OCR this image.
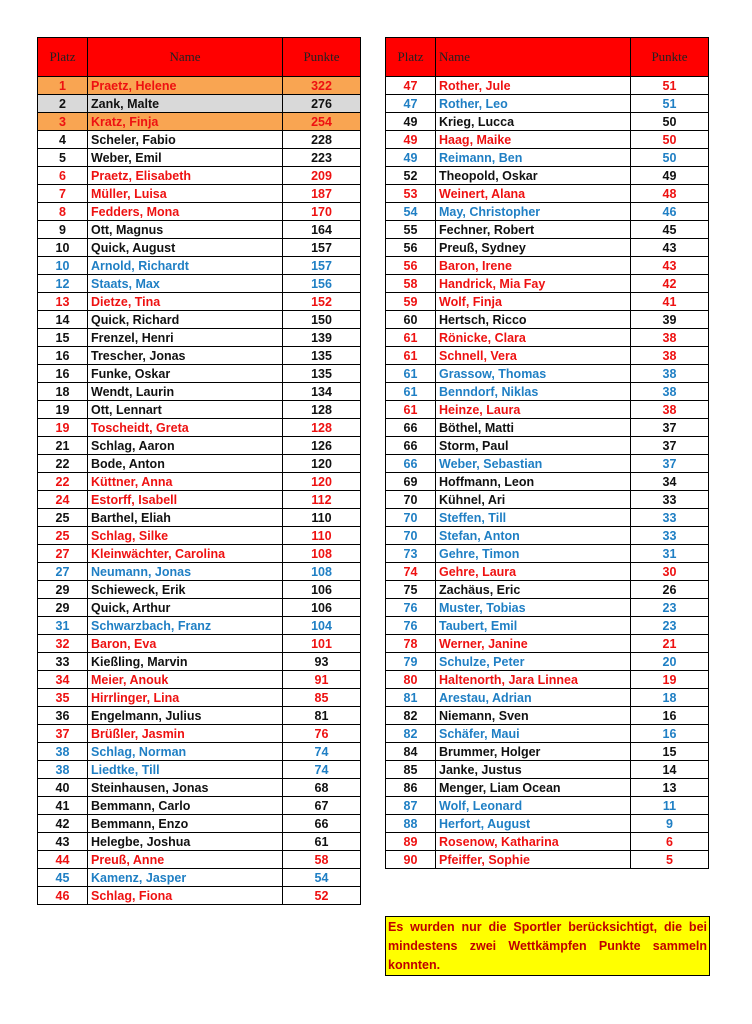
Platz	Name	Punkte
1	Praetz, Helene	322
2	Zank, Malte	276
3	Kratz, Finja	254
4	Scheler, Fabio	228
5	Weber, Emil	223
6	Praetz, Elisabeth	209
7	Müller, Luisa	187
8	Fedders, Mona	170
9	Ott, Magnus	164
10	Quick, August	157
10	Arnold, Richardt	157
12	Staats, Max	156
13	Dietze, Tina	152
14	Quick, Richard	150
15	Frenzel, Henri	139
16	Trescher, Jonas	135
16	Funke, Oskar	135
18	Wendt, Laurin	134
19	Ott, Lennart	128
19	Toscheidt, Greta	128
21	Schlag, Aaron	126
22	Bode, Anton	120
22	Küttner, Anna	120
24	Estorff, Isabell	112
25	Barthel, Eliah	110
25	Schlag, Silke	110
27	Kleinwächter, Carolina	108
27	Neumann, Jonas	108
29	Schieweck, Erik	106
29	Quick, Arthur	106
31	Schwarzbach, Franz	104
32	Baron, Eva	101
33	Kießling, Marvin	93
34	Meier, Anouk	91
35	Hirrlinger, Lina	85
36	Engelmann, Julius	81
37	Brüßler, Jasmin	76
38	Schlag, Norman	74
38	Liedtke, Till	74
40	Steinhausen, Jonas	68
41	Bemmann, Carlo	67
42	Bemmann, Enzo	66
43	Helegbe, Joshua	61
44	Preuß, Anne	58
45	Kamenz, Jasper	54
46	Schlag, Fiona	52
Platz	Name	Punkte
47	Rother, Jule	51
47	Rother, Leo	51
49	Krieg, Lucca	50
49	Haag, Maike	50
49	Reimann, Ben	50
52	Theopold, Oskar	49
53	Weinert, Alana	48
54	May, Christopher	46
55	Fechner, Robert	45
56	Preuß, Sydney	43
56	Baron, Irene	43
58	Handrick, Mia Fay	42
59	Wolf, Finja	41
60	Hertsch, Ricco	39
61	Rönicke, Clara	38
61	Schnell, Vera	38
61	Grassow, Thomas	38
61	Benndorf, Niklas	38
61	Heinze, Laura	38
66	Böthel, Matti	37
66	Storm, Paul	37
66	Weber, Sebastian	37
69	Hoffmann, Leon	34
70	Kühnel, Ari	33
70	Steffen, Till	33
70	Stefan, Anton	33
73	Gehre, Timon	31
74	Gehre, Laura	30
75	Zachäus, Eric	26
76	Muster, Tobias	23
76	Taubert, Emil	23
78	Werner, Janine	21
79	Schulze, Peter	20
80	Haltenorth, Jara Linnea	19
81	Arestau, Adrian	18
82	Niemann, Sven	16
82	Schäfer, Maui	16
84	Brummer, Holger	15
85	Janke, Justus	14
86	Menger, Liam Ocean	13
87	Wolf, Leonard	11
88	Herfort, August	9
89	Rosenow, Katharina	6
90	Pfeiffer, Sophie	5
Es wurden nur die Sportler berücksichtigt, die bei mindestens zwei Wettkämpfen Punkte sammeln konnten.
